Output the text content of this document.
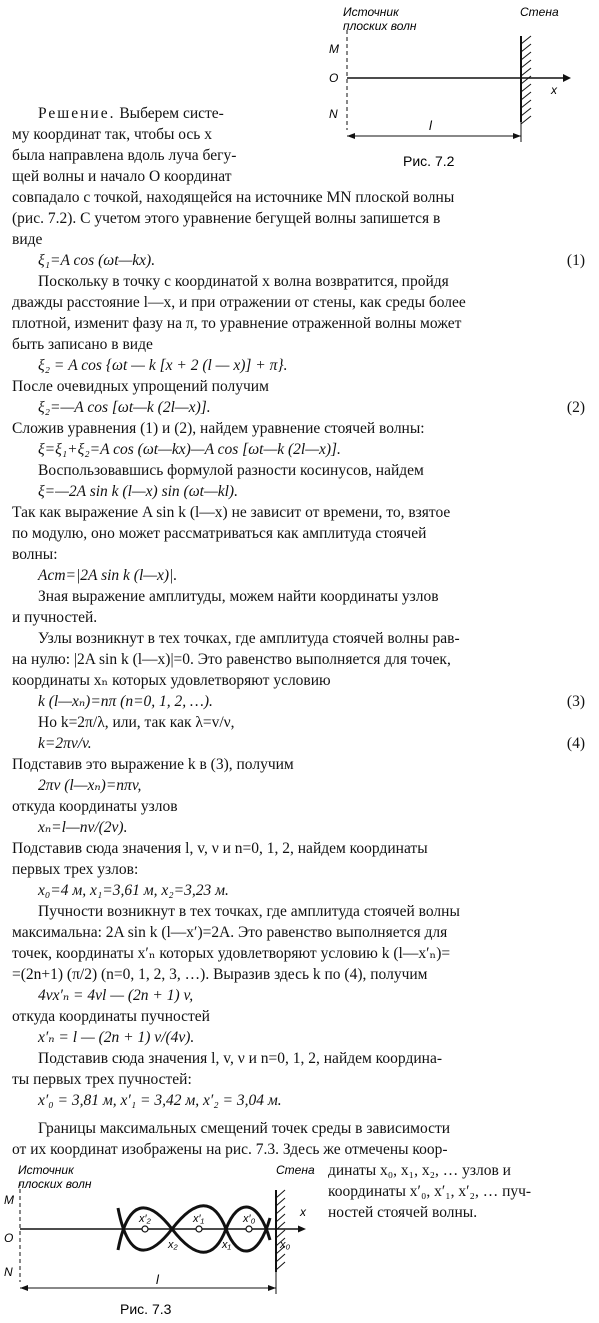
Источник
плоских волн
Стена
M
O
N
x
l
Рис. 7.2
Решение. Выберем систе-
му координат так, чтобы ось x
была направлена вдоль луча бегу-
щей волны и начало O координат
совпадало с точкой, находящейся на источнике MN плоской волны
(рис. 7.2). С учетом этого уравнение бегущей волны запишется в
виде
ξ₁=A cos (ωt—kx).	(1)
Поскольку в точку с координатой x волна возвратится, пройдя
дважды расстояние l—x, и при отражении от стены, как среды более
плотной, изменит фазу на π, то уравнение отраженной волны может
быть записано в виде
ξ₂ = A cos {ωt — k [x + 2 (l — x)] + π}.
После очевидных упрощений получим
ξ₂=—A cos [ωt—k (2l—x)].	(2)
Сложив уравнения (1) и (2), найдем уравнение стоячей волны:
ξ=ξ₁+ξ₂=A cos (ωt—kx)—A cos [ωt—k (2l—x)].
Воспользовавшись формулой разности косинусов, найдем
ξ=—2A sin k (l—x) sin (ωt—kl).
Так как выражение A sin k (l—x) не зависит от времени, то, взятое
по модулю, оно может рассматриваться как амплитуда стоячей
волны:
Aст=|2A sin k (l—x)|.
Зная выражение амплитуды, можем найти координаты узлов
и пучностей.
Узлы возникнут в тех точках, где амплитуда стоячей волны рав-
на нулю: |2A sin k (l—x)|=0. Это равенство выполняется для точек,
координаты xₙ которых удовлетворяют условию
k (l—xₙ)=nπ (n=0, 1, 2, …).	(3)
Но k=2π/λ, или, так как λ=v/ν,
k=2πν/v.	(4)
Подставив это выражение k в (3), получим
2πν (l—xₙ)=nπv,
откуда координаты узлов
xₙ=l—nv/(2ν).
Подставив сюда значения l, v, ν и n=0, 1, 2, найдем координаты
первых трех узлов:
x₀=4 м, x₁=3,61 м, x₂=3,23 м.
Пучности возникнут в тех точках, где амплитуда стоячей волны
максимальна: 2A sin k (l—x′)=2A. Это равенство выполняется для
точек, координаты x′ₙ которых удовлетворяют условию k (l—x′ₙ)=
=(2n+1) (π/2) (n=0, 1, 2, 3, …). Выразив здесь k по (4), получим
4νx′ₙ = 4νl — (2n + 1) v,
откуда координаты пучностей
x′ₙ = l — (2n + 1) v/(4ν).
Подставив сюда значения l, v, ν и n=0, 1, 2, найдем координа-
ты первых трех пучностей:
x′₀ = 3,81 м, x′₁ = 3,42 м, x′₂ = 3,04 м.
Границы максимальных смещений точек среды в зависимости
от их координат изображены на рис. 7.3. Здесь же отмечены коор-
динаты x₀, x₁, x₂, … узлов и
координаты x′₀, x′₁, x′₂, … пуч-
ностей стоячей волны.
Источник
плоских волн
Стена
M
O
N
x
x′₂	x′₁	x′₀
x₂	x₁	x₀
l
Рис. 7.3
